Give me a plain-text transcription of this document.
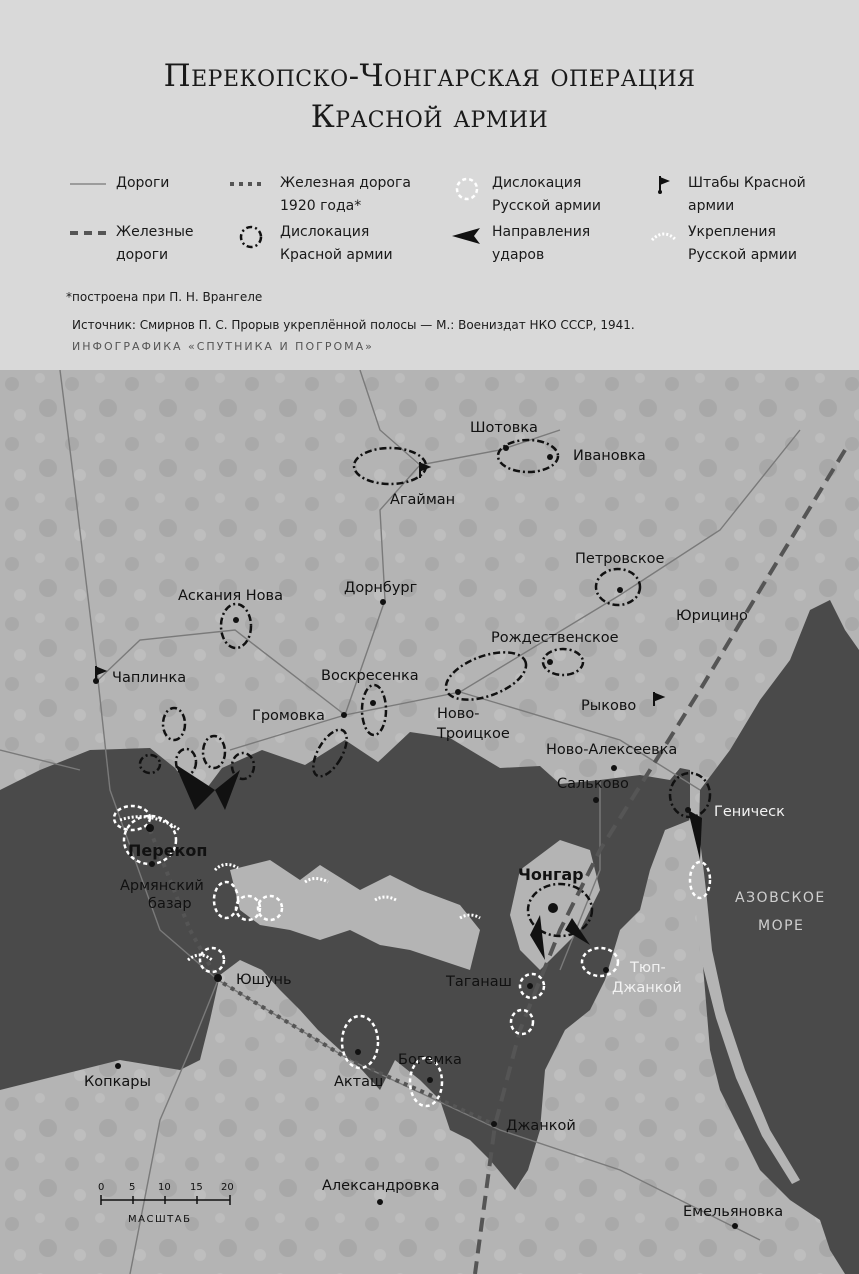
Перекопско-Чонгарская операция
Красной армии
Дороги
Железные дороги
Железная дорога 1920 года*
Дислокация Красной армии
Дислокация Русской армии
Направления ударов
Штабы Красной армии
Укрепления Русской армии
*построена при П. Н. Врангеле
Источник: Смирнов П. С. Прорыв укреплённой полосы — М.: Воениздат НКО СССР, 1941.
ИНФОГРАФИКА «СПУТНИКА И ПОГРОМА»
Шотовка
Ивановка
Агайман
Петровское
Аскания Нова	Дорнбург
Юрицино
Рождественское
Чаплинка	Воскресенка
Громовка	Ново-
Троицкое
Рыково
Ново-Алексеевка
Сальково
Геническ
Перекоп
Армянский
базар
Чонгар
АЗОВСКОЕ
МОРЕ
Юшунь	Таганаш
Тюп-
Джанкой
Богемка
Копкары	Акташ
Джанкой
Александровка
Емельяновка
0 5 10 15 20
МАСШТАБ
